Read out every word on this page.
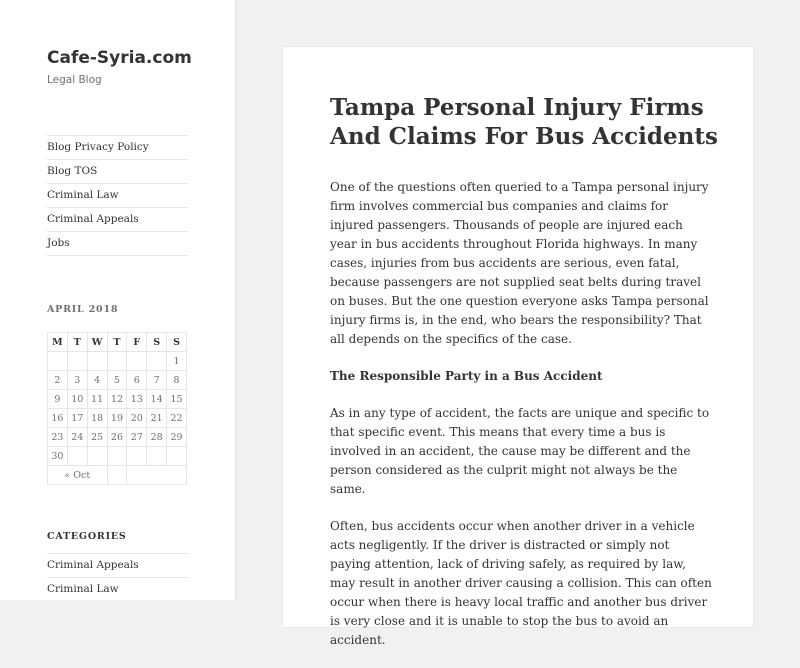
Cafe-Syria.com
Legal Blog
Blog Privacy Policy
Blog TOS
Criminal Law
Criminal Appeals
Jobs
APRIL 2018
M	T	W	T	F	S	S
						1
2	3	4	5	6	7	8
9	10	11	12	13	14	15
16	17	18	19	20	21	22
23	24	25	26	27	28	29
30						
« Oct						
CATEGORIES
Criminal Appeals
Criminal Law
Tampa Personal Injury Firms And Claims For Bus Accidents

One of the questions often queried to a Tampa personal injury firm involves commercial bus companies and claims for injured passengers. Thousands of people are injured each year in bus accidents throughout Florida highways. In many cases, injuries from bus accidents are serious, even fatal, because passengers are not supplied seat belts during travel on buses. But the one question everyone asks Tampa personal injury firms is, in the end, who bears the responsibility? That all depends on the specifics of the case.

The Responsible Party in a Bus Accident

As in any type of accident, the facts are unique and specific to that specific event. This means that every time a bus is involved in an accident, the cause may be different and the person considered as the culprit might not always be the same.

Often, bus accidents occur when another driver in a vehicle acts negligently. If the driver is distracted or simply not paying attention, lack of driving safely, as required by law, may result in another driver causing a collision. This can often occur when there is heavy local traffic and another bus driver is very close and it is unable to stop the bus to avoid an accident.
